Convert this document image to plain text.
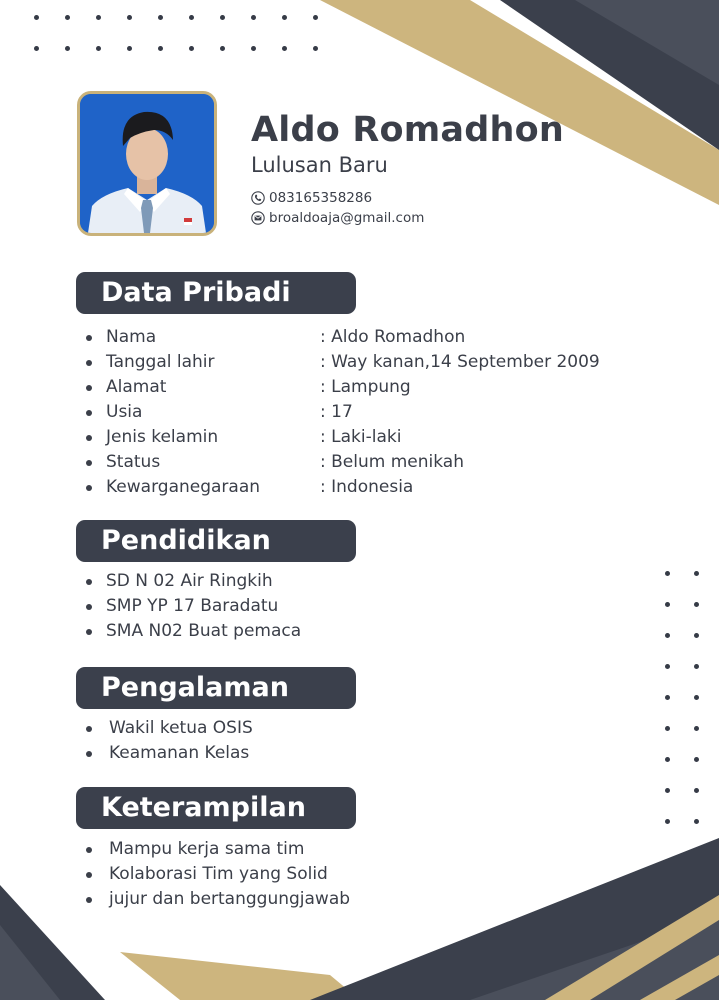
Aldo Romadhon
Lulusan Baru
083165358286
broaldoaja@gmail.com
Data Pribadi
Nama	: Aldo Romadhon
Tanggal lahir	: Way kanan,14 September 2009
Alamat	: Lampung
Usia	: 17
Jenis kelamin	: Laki-laki
Status	: Belum menikah
Kewarganegaraan	: Indonesia
Pendidikan
SD N 02 Air Ringkih
SMP YP 17 Baradatu
SMA N02 Buat pemaca
Pengalaman
Wakil ketua OSIS
Keamanan Kelas
Keterampilan
Mampu kerja sama tim
Kolaborasi Tim yang Solid
jujur dan bertanggungjawab
